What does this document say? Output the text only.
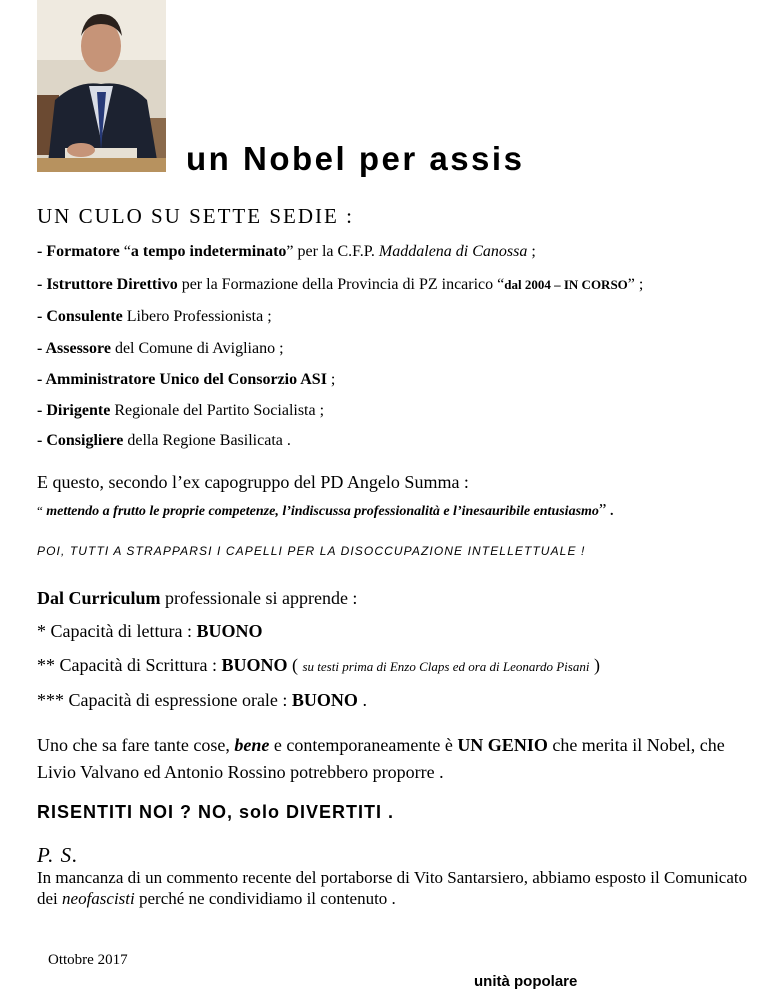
un Nobel per assis
UN CULO SU SETTE SEDIE :
- Formatore “a tempo indeterminato” per la C.F.P. Maddalena di Canossa ;
- Istruttore Direttivo per la Formazione della Provincia di PZ incarico “dal 2004 – IN CORSO” ;
- Consulente Libero Professionista ;
- Assessore del Comune di Avigliano ;
- Amministratore Unico del Consorzio ASI ;
- Dirigente Regionale del Partito Socialista ;
- Consigliere della Regione Basilicata .
E questo, secondo l’ex capogruppo del PD Angelo Summa :
“ mettendo a frutto le proprie competenze, l’indiscussa professionalità e l’inesauribile entusiasmo” .
POI, TUTTI A STRAPPARSI I CAPELLI PER LA DISOCCUPAZIONE INTELLETTUALE !
Dal Curriculum professionale si apprende :
* Capacità di lettura : BUONO
** Capacità di Scrittura : BUONO ( su testi prima di Enzo Claps ed ora di Leonardo Pisani )
*** Capacità di espressione orale : BUONO .
Uno che sa fare tante cose, bene e contemporaneamente è UN GENIO che merita il Nobel, che Livio Valvano ed Antonio Rossino potrebbero proporre .
RISENTITI NOI ? NO, solo DIVERTITI .
P. S.
In mancanza di un commento recente del portaborse di Vito Santarsiero, abbiamo esposto il Comunicato dei neofascisti perché ne condividiamo il contenuto .
Ottobre 2017
unità popolare
